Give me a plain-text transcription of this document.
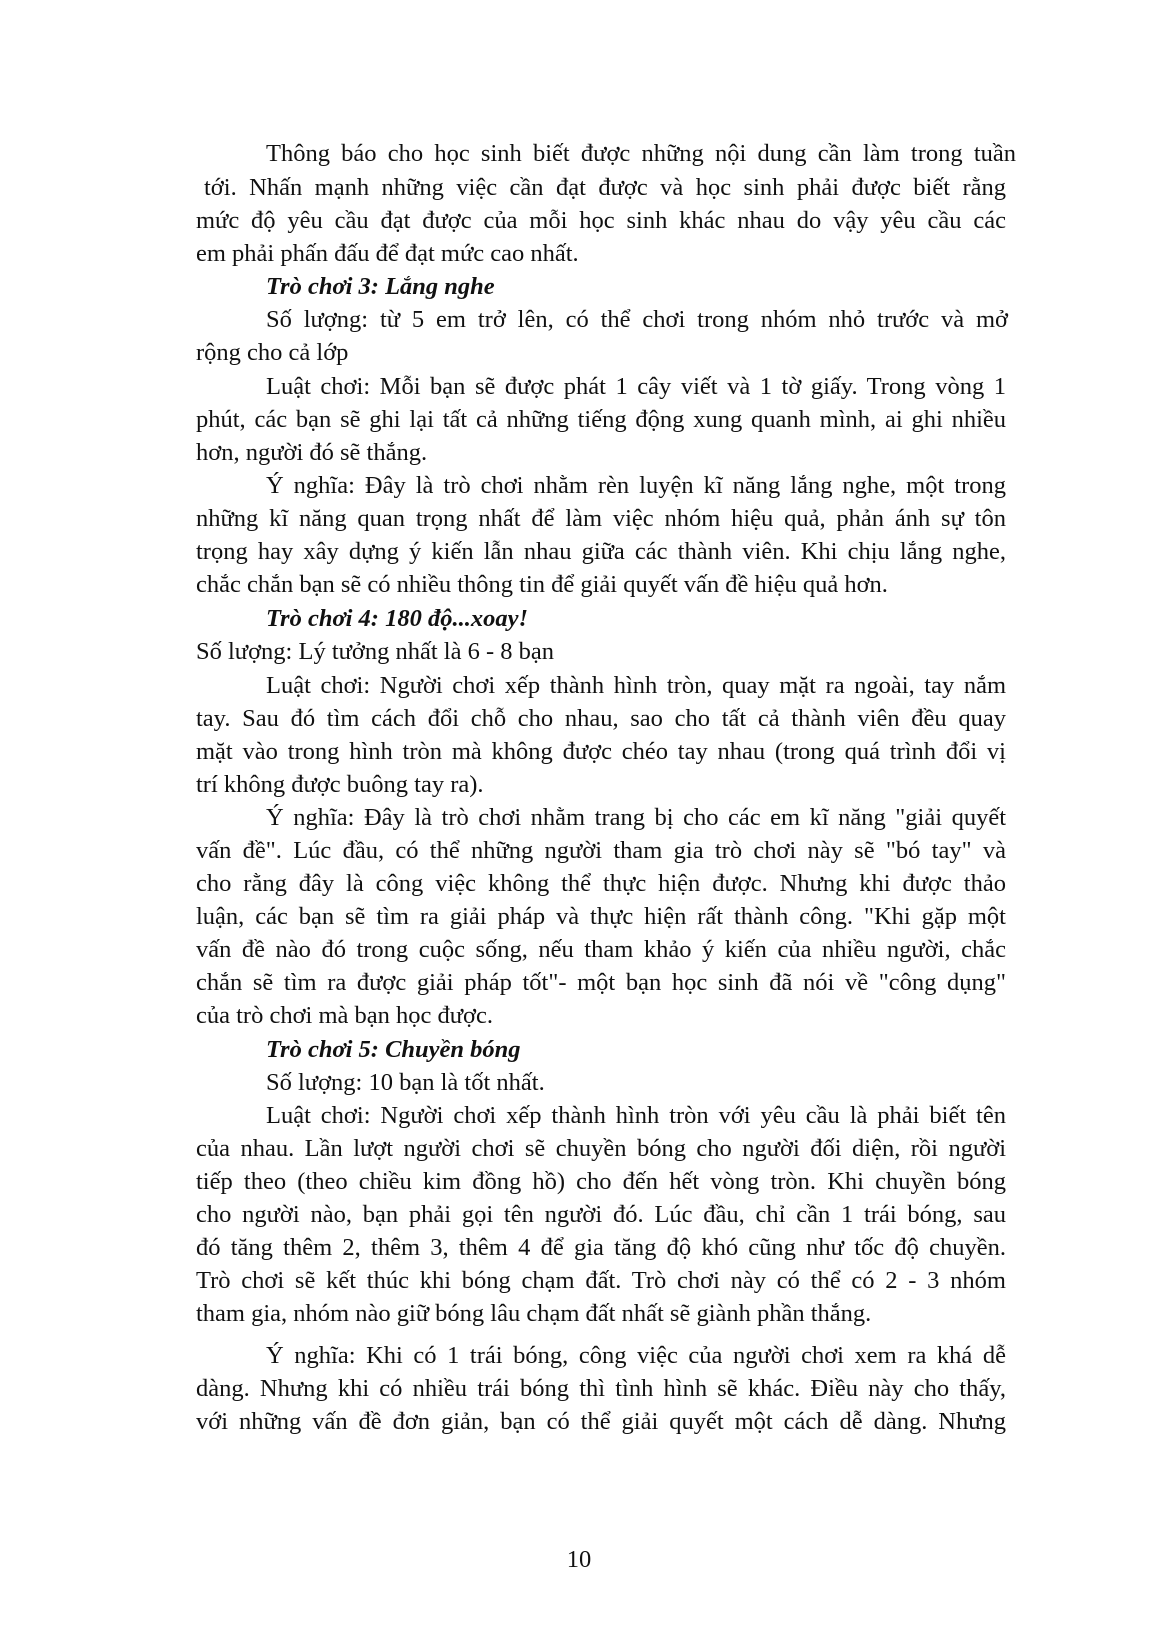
Thông báo cho học sinh biết được những nội dung cần làm trong tuần
tới. Nhấn mạnh những việc cần đạt được và học sinh phải được biết rằng
mức độ yêu cầu đạt được của mỗi học sinh khác nhau do vậy yêu cầu các
em phải phấn đấu để đạt mức cao nhất.
Trò chơi 3: Lắng nghe
Số lượng: từ 5 em trở lên, có thể chơi trong nhóm nhỏ trước và mở
rộng cho cả lớp
Luật chơi: Mỗi bạn sẽ được phát 1 cây viết và 1 tờ giấy. Trong vòng 1
phút, các bạn sẽ ghi lại tất cả những tiếng động xung quanh mình, ai ghi nhiều
hơn, người đó sẽ thắng.
Ý nghĩa: Đây là trò chơi nhằm rèn luyện kĩ năng lắng nghe, một trong
những kĩ năng quan trọng nhất để làm việc nhóm hiệu quả, phản ánh sự tôn
trọng hay xây dựng ý kiến lẫn nhau giữa các thành viên. Khi chịu lắng nghe,
chắc chắn bạn sẽ có nhiều thông tin để giải quyết vấn đề hiệu quả hơn.
Trò chơi 4: 180 độ...xoay!
Số lượng: Lý tưởng nhất là 6 - 8 bạn
Luật chơi: Người chơi xếp thành hình tròn, quay mặt ra ngoài, tay nắm
tay. Sau đó tìm cách đổi chỗ cho nhau, sao cho tất cả thành viên đều quay
mặt vào trong hình tròn mà không được chéo tay nhau (trong quá trình đổi vị
trí không được buông tay ra).
Ý nghĩa: Đây là trò chơi nhằm trang bị cho các em kĩ năng "giải quyết
vấn đề". Lúc đầu, có thể những người tham gia trò chơi này sẽ "bó tay" và
cho rằng đây là công việc không thể thực hiện được. Nhưng khi được thảo
luận, các bạn sẽ tìm ra giải pháp và thực hiện rất thành công. "Khi gặp một
vấn đề nào đó trong cuộc sống, nếu tham khảo ý kiến của nhiều người, chắc
chắn sẽ tìm ra được giải pháp tốt"- một bạn học sinh đã nói về "công dụng"
của trò chơi mà bạn học được.
Trò chơi 5: Chuyền bóng
Số lượng: 10 bạn là tốt nhất.
Luật chơi: Người chơi xếp thành hình tròn với yêu cầu là phải biết tên
của nhau. Lần lượt người chơi sẽ chuyền bóng cho người đối diện, rồi người
tiếp theo (theo chiều kim đồng hồ) cho đến hết vòng tròn. Khi chuyền bóng
cho người nào, bạn phải gọi tên người đó. Lúc đầu, chỉ cần 1 trái bóng, sau
đó tăng thêm 2, thêm 3, thêm 4 để gia tăng độ khó cũng như tốc độ chuyền.
Trò chơi sẽ kết thúc khi bóng chạm đất. Trò chơi này có thể có 2 - 3 nhóm
tham gia, nhóm nào giữ bóng lâu chạm đất nhất sẽ giành phần thắng.
Ý nghĩa: Khi có 1 trái bóng, công việc của người chơi xem ra khá dễ
dàng. Nhưng khi có nhiều trái bóng thì tình hình sẽ khác. Điều này cho thấy,
với những vấn đề đơn giản, bạn có thể giải quyết một cách dễ dàng. Nhưng
10
